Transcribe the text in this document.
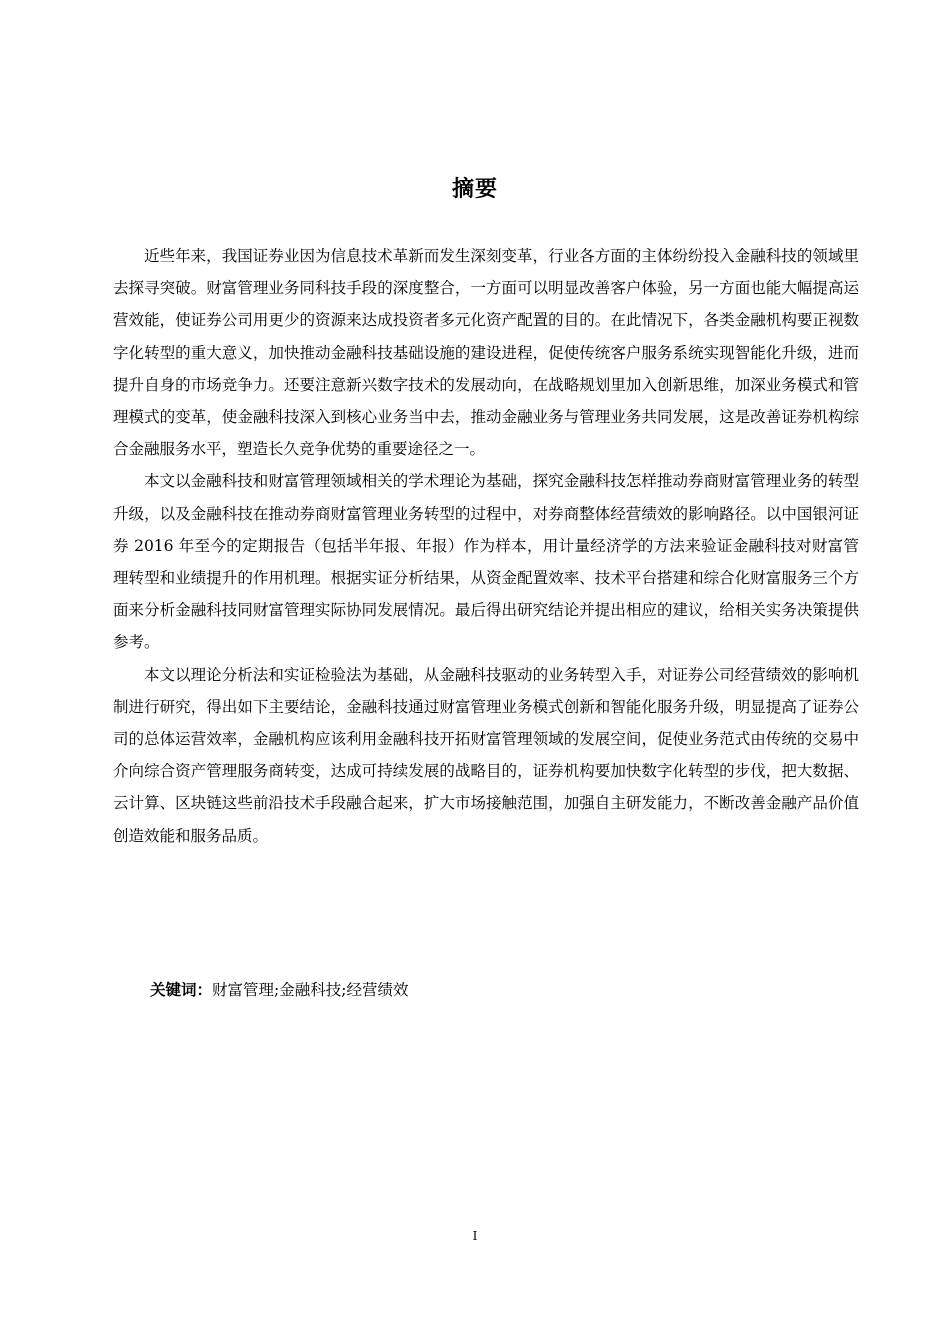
摘要

近些年来，我国证券业因为信息技术革新而发生深刻变革，行业各方面的主体纷纷投入金融科技的领域里去探寻突破。财富管理业务同科技手段的深度整合，一方面可以明显改善客户体验，另一方面也能大幅提高运营效能，使证券公司用更少的资源来达成投资者多元化资产配置的目的。在此情况下，各类金融机构要正视数字化转型的重大意义，加快推动金融科技基础设施的建设进程，促使传统客户服务系统实现智能化升级，进而提升自身的市场竞争力。还要注意新兴数字技术的发展动向，在战略规划里加入创新思维，加深业务模式和管理模式的变革，使金融科技深入到核心业务当中去，推动金融业务与管理业务共同发展，这是改善证券机构综合金融服务水平，塑造长久竞争优势的重要途径之一。

本文以金融科技和财富管理领域相关的学术理论为基础，探究金融科技怎样推动券商财富管理业务的转型升级，以及金融科技在推动券商财富管理业务转型的过程中，对券商整体经营绩效的影响路径。以中国银河证券 2016 年至今的定期报告（包括半年报、年报）作为样本，用计量经济学的方法来验证金融科技对财富管理转型和业绩提升的作用机理。根据实证分析结果，从资金配置效率、技术平台搭建和综合化财富服务三个方面来分析金融科技同财富管理实际协同发展情况。最后得出研究结论并提出相应的建议，给相关实务决策提供参考。

本文以理论分析法和实证检验法为基础，从金融科技驱动的业务转型入手，对证券公司经营绩效的影响机制进行研究，得出如下主要结论，金融科技通过财富管理业务模式创新和智能化服务升级，明显提高了证券公司的总体运营效率，金融机构应该利用金融科技开拓财富管理领域的发展空间，促使业务范式由传统的交易中介向综合资产管理服务商转变，达成可持续发展的战略目的，证券机构要加快数字化转型的步伐，把大数据、云计算、区块链这些前沿技术手段融合起来，扩大市场接触范围，加强自主研发能力，不断改善金融产品价值创造效能和服务品质。

关键词：财富管理;金融科技;经营绩效
I
